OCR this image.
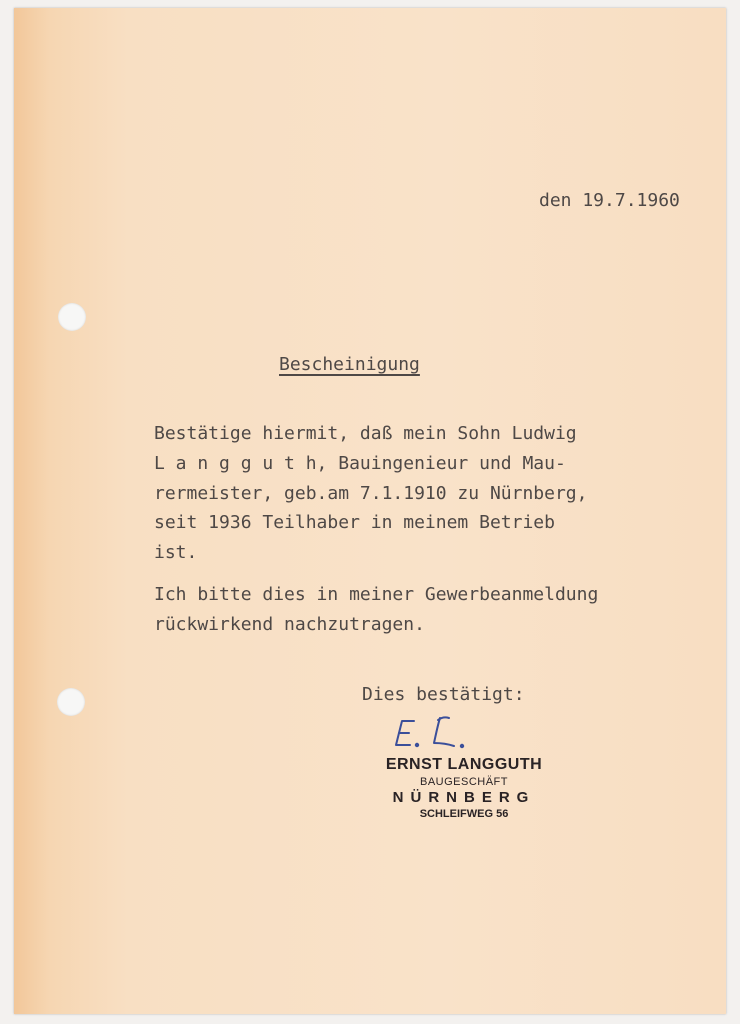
den 19.7.1960
Bescheinigung
Bestätige hiermit, daß mein Sohn Ludwig
L a n g g u t h, Bauingenieur und Mau-
rermeister, geb.am 7.1.1910 zu Nürnberg,
seit 1936 Teilhaber in meinem Betrieb
ist.
Ich bitte dies in meiner Gewerbeanmeldung
rückwirkend nachzutragen.
Dies bestätigt:
ERNST LANGGUTH
BAUGESCHÄFT
NÜRNBERG
SCHLEIFWEG 56
